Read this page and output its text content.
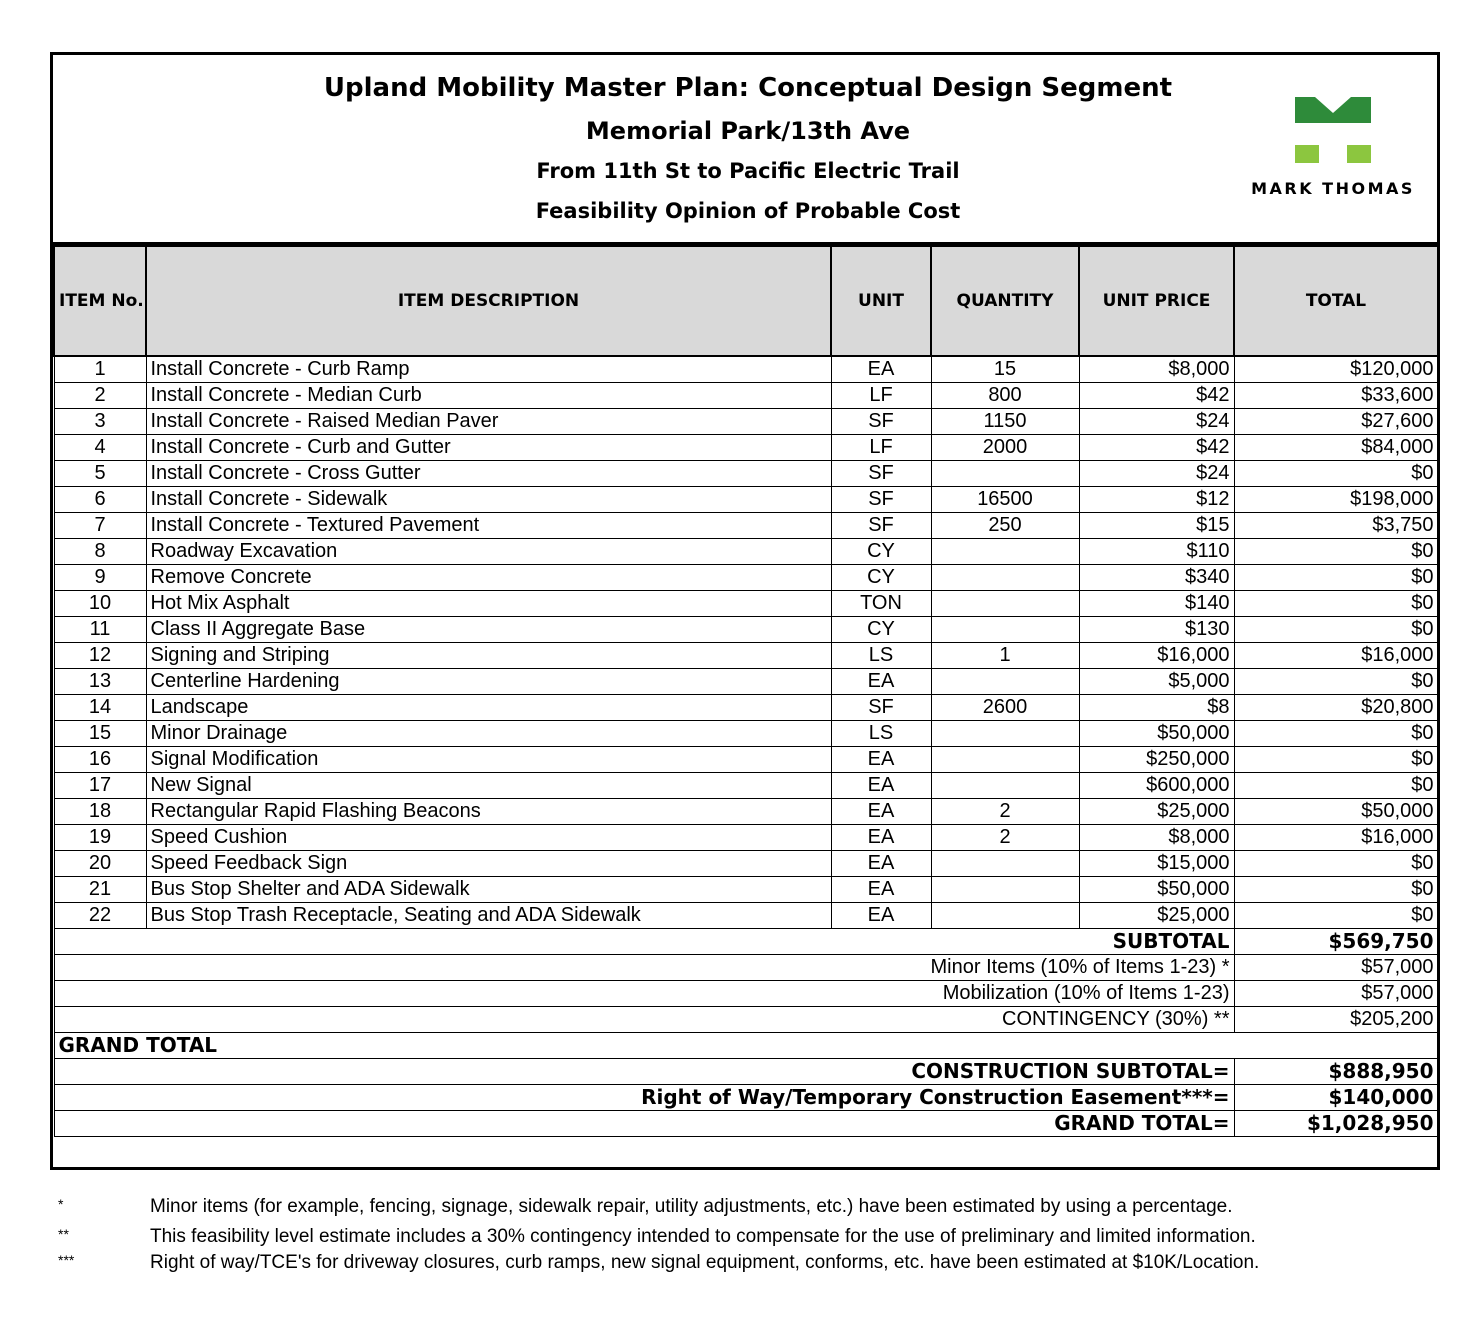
Upland Mobility Master Plan: Conceptual Design Segment
Memorial Park/13th Ave
From 11th St to Pacific Electric Trail
Feasibility Opinion of Probable Cost
MARK THOMAS
ITEM No.	ITEM DESCRIPTION	UNIT	QUANTITY	UNIT PRICE	TOTAL
1	Install Concrete - Curb Ramp	EA	15	$8,000	$120,000
2	Install Concrete - Median Curb	LF	800	$42	$33,600
3	Install Concrete - Raised Median Paver	SF	1150	$24	$27,600
4	Install Concrete - Curb and Gutter	LF	2000	$42	$84,000
5	Install Concrete - Cross Gutter	SF		$24	$0
6	Install Concrete - Sidewalk	SF	16500	$12	$198,000
7	Install Concrete - Textured Pavement	SF	250	$15	$3,750
8	Roadway Excavation	CY		$110	$0
9	Remove Concrete	CY		$340	$0
10	Hot Mix Asphalt	TON		$140	$0
11	Class II Aggregate Base	CY		$130	$0
12	Signing and Striping	LS	1	$16,000	$16,000
13	Centerline Hardening	EA		$5,000	$0
14	Landscape	SF	2600	$8	$20,800
15	Minor Drainage	LS		$50,000	$0
16	Signal Modification	EA		$250,000	$0
17	New Signal	EA		$600,000	$0
18	Rectangular Rapid Flashing Beacons	EA	2	$25,000	$50,000
19	Speed Cushion	EA	2	$8,000	$16,000
20	Speed Feedback Sign	EA		$15,000	$0
21	Bus Stop Shelter and ADA Sidewalk	EA		$50,000	$0
22	Bus Stop Trash Receptacle, Seating and ADA Sidewalk	EA		$25,000	$0
SUBTOTAL					$569,750
Minor Items (10% of Items 1-23) *					$57,000
Mobilization (10% of Items 1-23)					$57,000
CONTINGENCY (30%) **					$205,200
GRAND TOTAL					
CONSTRUCTION SUBTOTAL=					$888,950
Right of Way/Temporary Construction Easement***=					$140,000
GRAND TOTAL=					$1,028,950
*	Minor items (for example, fencing, signage, sidewalk repair, utility adjustments, etc.) have been estimated by using a percentage.
**	This feasibility level estimate includes a 30% contingency intended to compensate for the use of preliminary and limited information.
***	Right of way/TCE's for driveway closures, curb ramps, new signal equipment, conforms, etc. have been estimated at $10K/Location.
